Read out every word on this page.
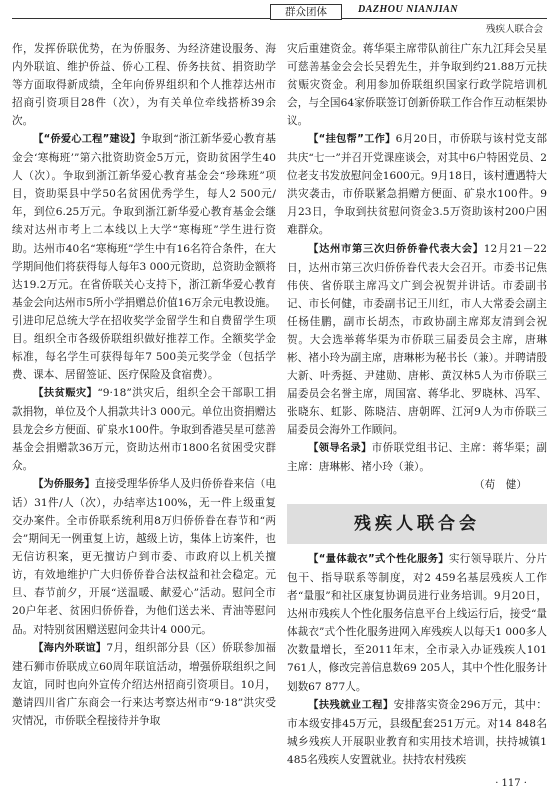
群众团体	DAZHOU NIANJIAN
残疾人联合会

作，发挥侨联优势，在为侨服务、为经济建设服务、海内外联谊、维护侨益、侨心工程、侨务扶贫、捐资助学等方面取得新成绩，全年向侨界组织和个人推荐达州市招商引资项目28件（次），为有关单位牵线搭桥39余次。

【“侨爱心工程”建设】争取到“浙江新华爱心教育基金会‘寒梅班’”第六批资助资金5万元，资助贫困学生40人（次）。争取到浙江新华爱心教育基金会“珍珠班”项目，资助渠县中学50名贫困优秀学生，每人2 500元/年，到位6.25万元。争取到浙江新华爱心教育基金会继续对达州市考上二本线以上大学“寒梅班”学生进行资助。达州市40名“寒梅班”学生中有16名符合条件，在大学期间他们将获得每人每年3 000元资助，总资助金额将达19.2万元。在省侨联关心支持下，浙江新华爱心教育基金会向达州市5所小学捐赠总价值16万余元电教设施。引进印尼总统大学在招收奖学金留学生和自费留学生项目。组织全市各级侨联组织做好推荐工作。全额奖学金标准，每名学生可获得每年7 500美元奖学金（包括学费、课本、居留签证、医疗保险及食宿费）。

【扶贫赈灾】“9·18”洪灾后，组织全会干部职工捐款捐物，单位及个人捐款共计3 000元。单位出资捐赠达县龙会乡方便面、矿泉水100件。争取到香港吴星可慈善基金会捐赠款36万元，资助达州市1800名贫困受灾群众。

【为侨服务】直接受理华侨华人及归侨侨眷来信（电话）31件/人（次），办结率达100%，无一件上级重复交办案件。全市侨联系统利用8万归侨侨眷在春节和“两会”期间无一例重复上访，越级上访，集体上访案件，也无信访积案，更无擅访户到市委、市政府以上机关擅访，有效地维护广大归侨侨眷合法权益和社会稳定。元旦、春节前夕，开展“送温暖、献爱心”活动。慰问全市20户年老、贫困归侨侨眷，为他们送去米、青油等慰问品。对特别贫困赠送慰问金共计4 000元。

【海内外联谊】7月，组织部分县（区）侨联参加福建石狮市侨联成立60周年联谊活动，增强侨联组织之间友谊，同时也向外宣传介绍达州招商引资项目。10月，邀请四川省广东商会一行来达考察达州市“9·18”洪灾受灾情况，市侨联全程接待并争取

灾后重建资金。蒋华渠主席带队前往广东九江拜会吴星可慈善基金会会长吴碧先生，并争取到约21.88万元扶贫赈灾资金。利用参加侨联组织国家行政学院培训机会，与全国64家侨联签订创新侨联工作合作互动框架协议。

【“挂包帮”工作】6月20日，市侨联与该村党支部共庆“七一”并召开党课座谈会，对其中6户特困党员、2位老支书发放慰问金1600元。9月18日，该村遭遇特大洪灾袭击，市侨联紧急捐赠方便面、矿泉水100件。9月23日，争取到扶贫慰问资金3.5万资助该村200户困难群众。

【达州市第三次归侨侨眷代表大会】12月21－22日，达州市第三次归侨侨眷代表大会召开。市委书记焦伟侠、省侨联主席冯文广到会祝贺并讲话。市委副书记、市长何健，市委副书记王川红，市人大常委会副主任杨佳鹏，副市长胡杰，市政协副主席郑友清到会祝贺。大会选举蒋华渠为市侨联三届委员会主席，唐琳彬、褚小玲为副主席，唐琳彬为秘书长（兼）。并聘请殷大新、叶秀挺、尹建勋、唐彬、黄汉林5人为市侨联三届委员会名誉主席，周国富、蒋华北、罗晓林、冯军、张晓东、虹影、陈晓洁、唐朝晖、江河9人为市侨联三届委员会海外工作顾问。

【领导名录】市侨联党组书记、主席：蒋华渠；副主席：唐琳彬、褚小玲（兼）。

（苟　健）

残疾人联合会

【“量体裁衣”式个性化服务】实行领导联片、分片包干、指导联系等制度，对2 459名基层残疾人工作者“量服”和社区康复协调员进行业务培训。9月20日，达州市残疾人个性化服务信息平台上线运行后，接受“量体裁衣”式个性化服务进网入库残疾人以每天1 000多人次数量增长，至2011年末，全市录入办证残疾人101 761人，修改完善信息数69 205人，其中个性化服务计划数67 877人。

【扶残就业工程】安排落实资金296万元，其中：市本级安排45万元，县级配套251万元。对14 848名城乡残疾人开展职业教育和实用技术培训，扶持城镇1 485名残疾人安置就业。扶持农村残疾

· 117 ·
